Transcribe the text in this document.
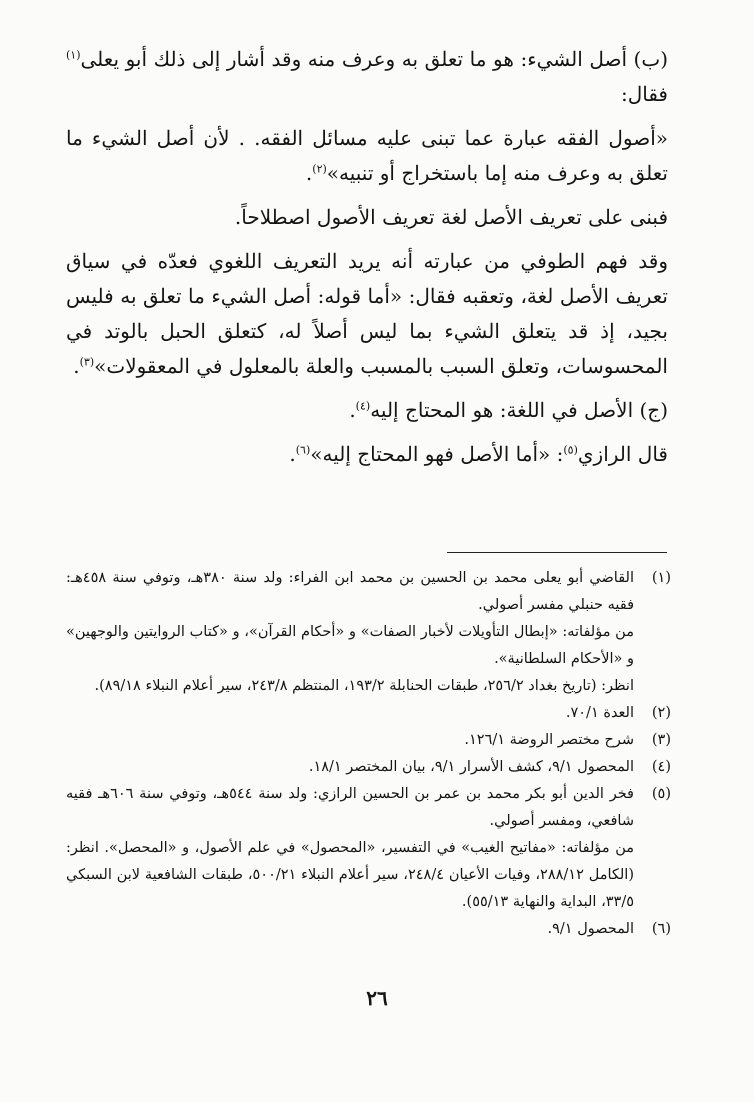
(ب) أصل الشيء: هو ما تعلق به وعرف منه وقد أشار إلى ذلك أبو يعلى$^{(١)}$ فقال:

«أصول الفقه عبارة عما تبنى عليه مسائل الفقه. . لأن أصل الشيء ما تعلق به وعرف منه إما باستخراج أو تنبيه»$^{(٢)}$.

فبنى على تعريف الأصل لغة تعريف الأصول اصطلاحاً.

وقد فهم الطوفي من عبارته أنه يريد التعريف اللغوي فعدّه في سياق تعريف الأصل لغة، وتعقبه فقال: «أما قوله: أصل الشيء ما تعلق به فليس بجيد، إذ قد يتعلق الشيء بما ليس أصلاً له، كتعلق الحبل بالوتد في المحسوسات، وتعلق السبب بالمسبب والعلة بالمعلول في المعقولات»$^{(٣)}$.

(ج) الأصل في اللغة: هو المحتاج إليه$^{(٤)}$.

قال الرازي$^{(٥)}$: «أما الأصل فهو المحتاج إليه»$^{(٦)}$.

(١)

القاضي أبو يعلى محمد بن الحسين بن محمد ابن الفراء: ولد سنة ٣٨٠هـ، وتوفي سنة ٤٥٨هـ: فقيه حنبلي مفسر أصولي.

من مؤلفاته: «إبطال التأويلات لأخبار الصفات» و «أحكام القرآن»، و «كتاب الروايتين والوجهين» و «الأحكام السلطانية».

انظر: (تاريخ بغداد ٢٥٦/٢، طبقات الحنابلة ١٩٣/٢، المنتظم ٢٤٣/٨، سير أعلام النبلاء ٨٩/١٨).

(٢)

العدة ٧٠/١.

(٣)

شرح مختصر الروضة ١٢٦/١.

(٤)

المحصول ٩/١، كشف الأسرار ٩/١، بيان المختصر ١٨/١.

(٥)

فخر الدين أبو بكر محمد بن عمر بن الحسين الرازي: ولد سنة ٥٤٤هـ، وتوفي سنة ٦٠٦هـ فقيه شافعي، ومفسر أصولي.

من مؤلفاته: «مفاتيح الغيب» في التفسير، «المحصول» في علم الأصول، و «المحصل». انظر: (الكامل ٢٨٨/١٢، وفيات الأعيان ٢٤٨/٤، سير أعلام النبلاء ٥٠٠/٢١، طبقات الشافعية لابن السبكي ٣٣/٥، البداية والنهاية ٥٥/١٣).

(٦)

المحصول ٩/١.

٢٦
